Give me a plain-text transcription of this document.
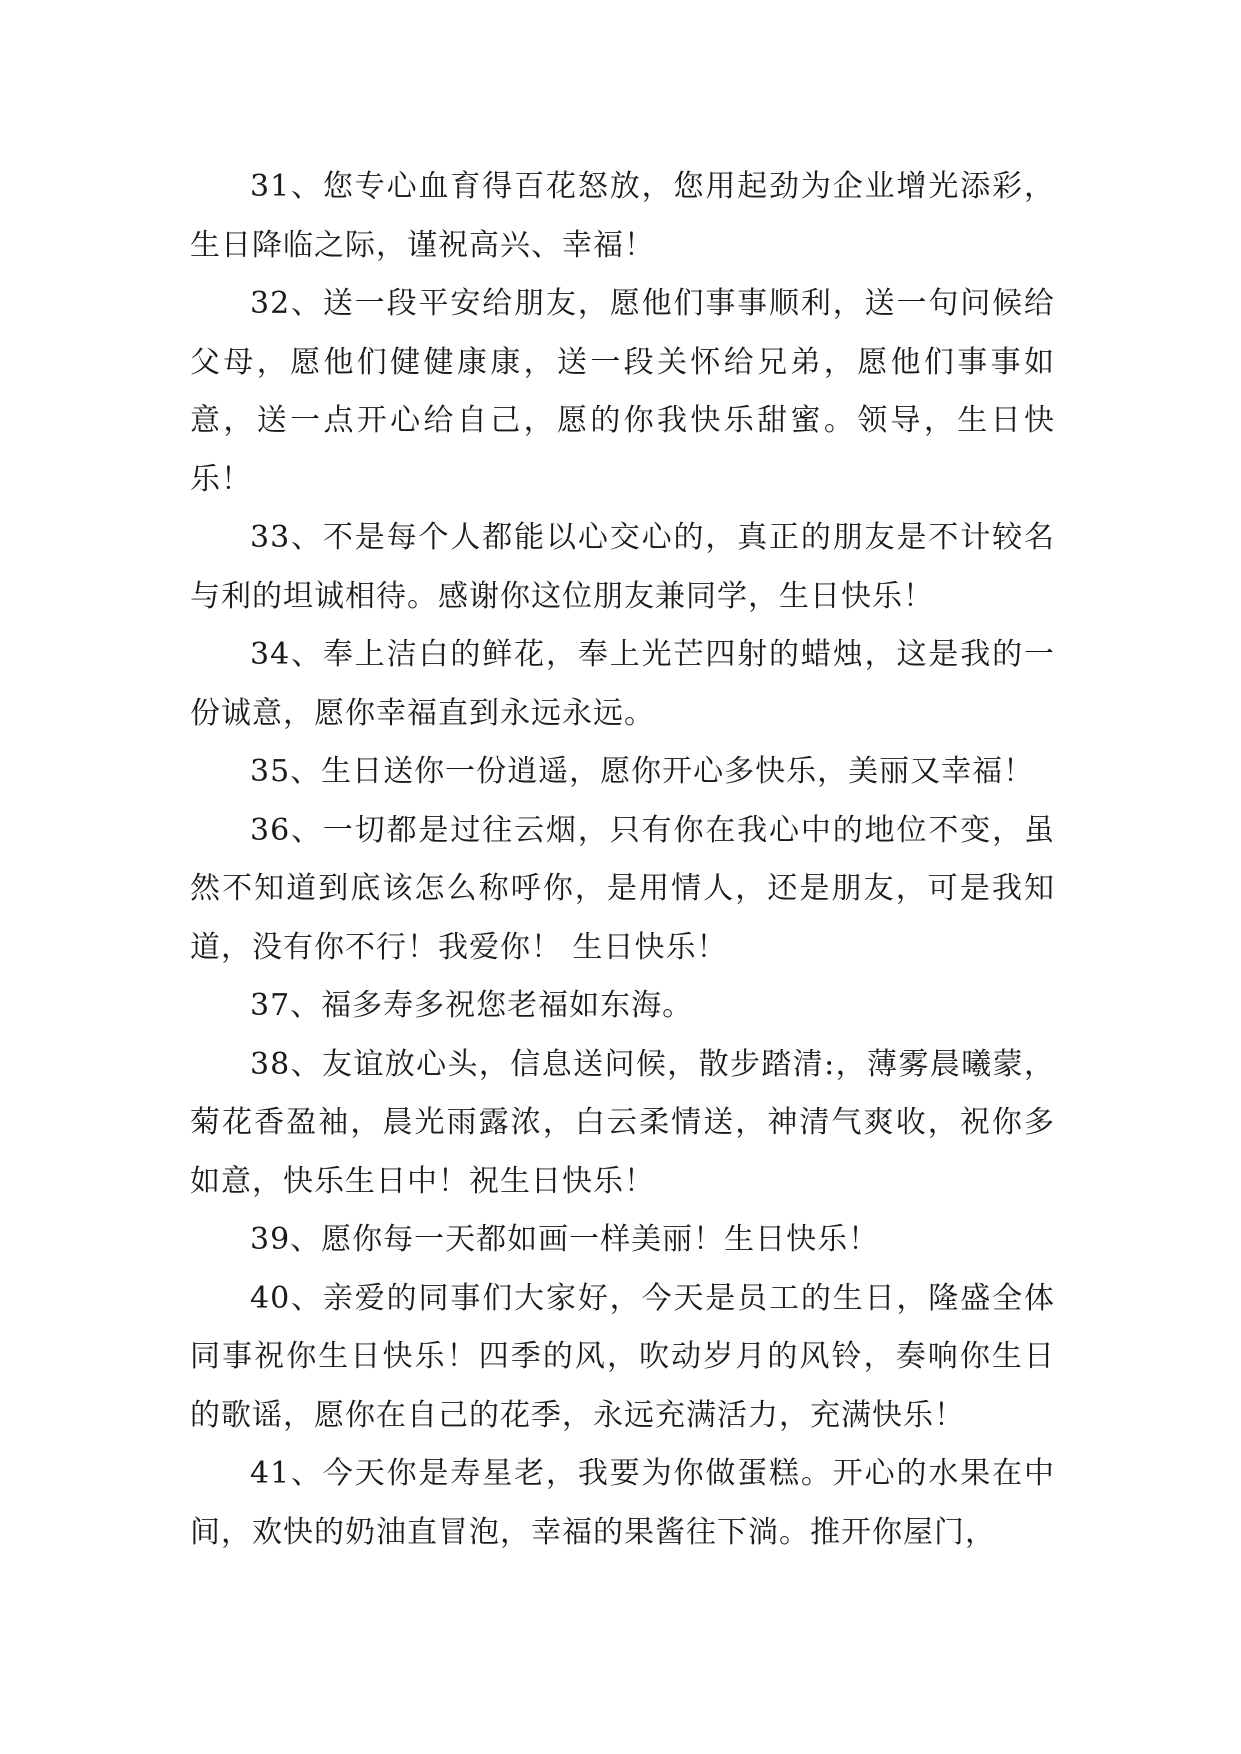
31、您专心血育得百花怒放，您用起劲为企业增光添彩，生日降临之际，谨祝高兴、幸福！

32、送一段平安给朋友，愿他们事事顺利，送一句问候给父母，愿他们健健康康，送一段关怀给兄弟，愿他们事事如意，送一点开心给自己，愿的你我快乐甜蜜。领导，生日快乐！

33、不是每个人都能以心交心的，真正的朋友是不计较名与利的坦诚相待。感谢你这位朋友兼同学，生日快乐！

34、奉上洁白的鲜花，奉上光芒四射的蜡烛，这是我的一份诚意，愿你幸福直到永远永远。

35、生日送你一份逍遥，愿你开心多快乐，美丽又幸福！

36、一切都是过往云烟，只有你在我心中的地位不变，虽然不知道到底该怎么称呼你，是用情人，还是朋友，可是我知道，没有你不行！我爱你！ 生日快乐！

37、福多寿多祝您老福如东海。

38、友谊放心头，信息送问候，散步踏清:，薄雾晨曦蒙，菊花香盈袖，晨光雨露浓，白云柔情送，神清气爽收，祝你多如意，快乐生日中！祝生日快乐！

39、愿你每一天都如画一样美丽！生日快乐！

40、亲爱的同事们大家好，今天是员工的生日，隆盛全体同事祝你生日快乐！四季的风，吹动岁月的风铃，奏响你生日的歌谣，愿你在自己的花季，永远充满活力，充满快乐！

41、今天你是寿星老，我要为你做蛋糕。开心的水果在中间，欢快的奶油直冒泡，幸福的果酱往下淌。推开你屋门，
